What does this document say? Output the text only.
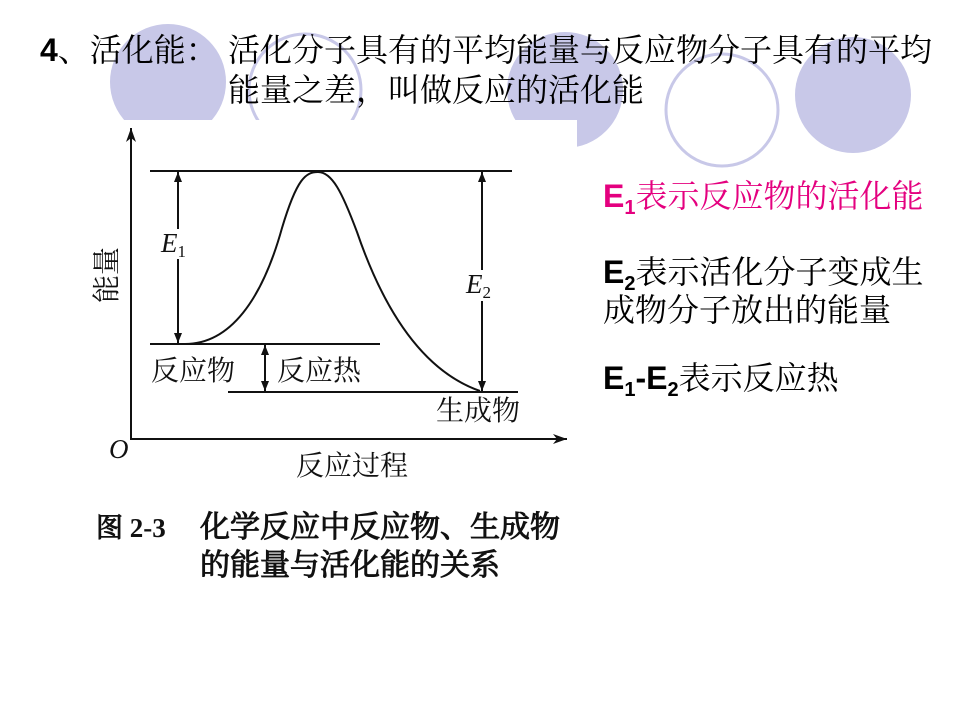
E1
E2
反应物 反应热
生成物
O
反应过程
能量
图 2-3 化学反应中反应物、生成物
的能量与活化能的关系
4、活化能： 活化分子具有的平均能量与反应物分子具有的平均
能量之差，叫做反应的活化能
$E_1$表示反应物的活化能
$E_2$表示活化分子变成生
成物分子放出的能量
$E_1-E_2$表示反应热
